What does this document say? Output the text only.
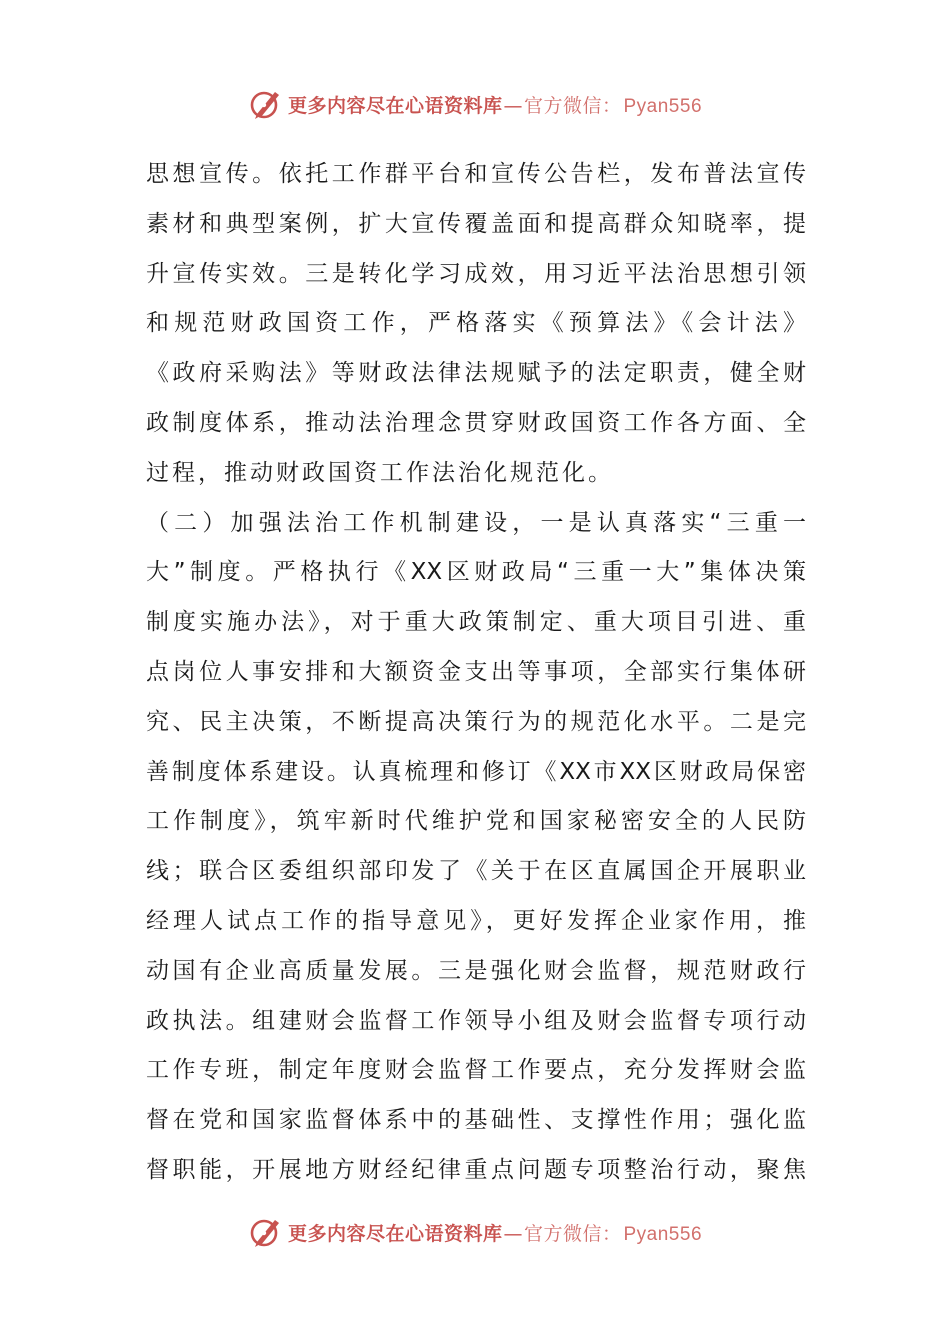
更多内容尽在心语资料库 — 官方微信： Pyan556
思想宣传。依托工作群平台和宣传公告栏，发布普法宣传
素材和典型案例，扩大宣传覆盖面和提高群众知晓率，提
升宣传实效。三是转化学习成效，用习近平法治思想引领
和规范财政国资工作，严格落实《预算法》《会计法》
《政府采购法》等财政法律法规赋予的法定职责，健全财
政制度体系，推动法治理念贯穿财政国资工作各方面、全
过程，推动财政国资工作法治化规范化。
（二）加强法治工作机制建设，一是认真落实“三重一
大”制度。严格执行《XX区财政局“三重一大”集体决策
制度实施办法》，对于重大政策制定、重大项目引进、重
点岗位人事安排和大额资金支出等事项，全部实行集体研
究、民主决策，不断提高决策行为的规范化水平。二是完
善制度体系建设。认真梳理和修订《XX市XX区财政局保密
工作制度》，筑牢新时代维护党和国家秘密安全的人民防
线；联合区委组织部印发了《关于在区直属国企开展职业
经理人试点工作的指导意见》，更好发挥企业家作用，推
动国有企业高质量发展。三是强化财会监督，规范财政行
政执法。组建财会监督工作领导小组及财会监督专项行动
工作专班，制定年度财会监督工作要点，充分发挥财会监
督在党和国家监督体系中的基础性、支撑性作用；强化监
督职能，开展地方财经纪律重点问题专项整治行动，聚焦
更多内容尽在心语资料库 — 官方微信： Pyan556
